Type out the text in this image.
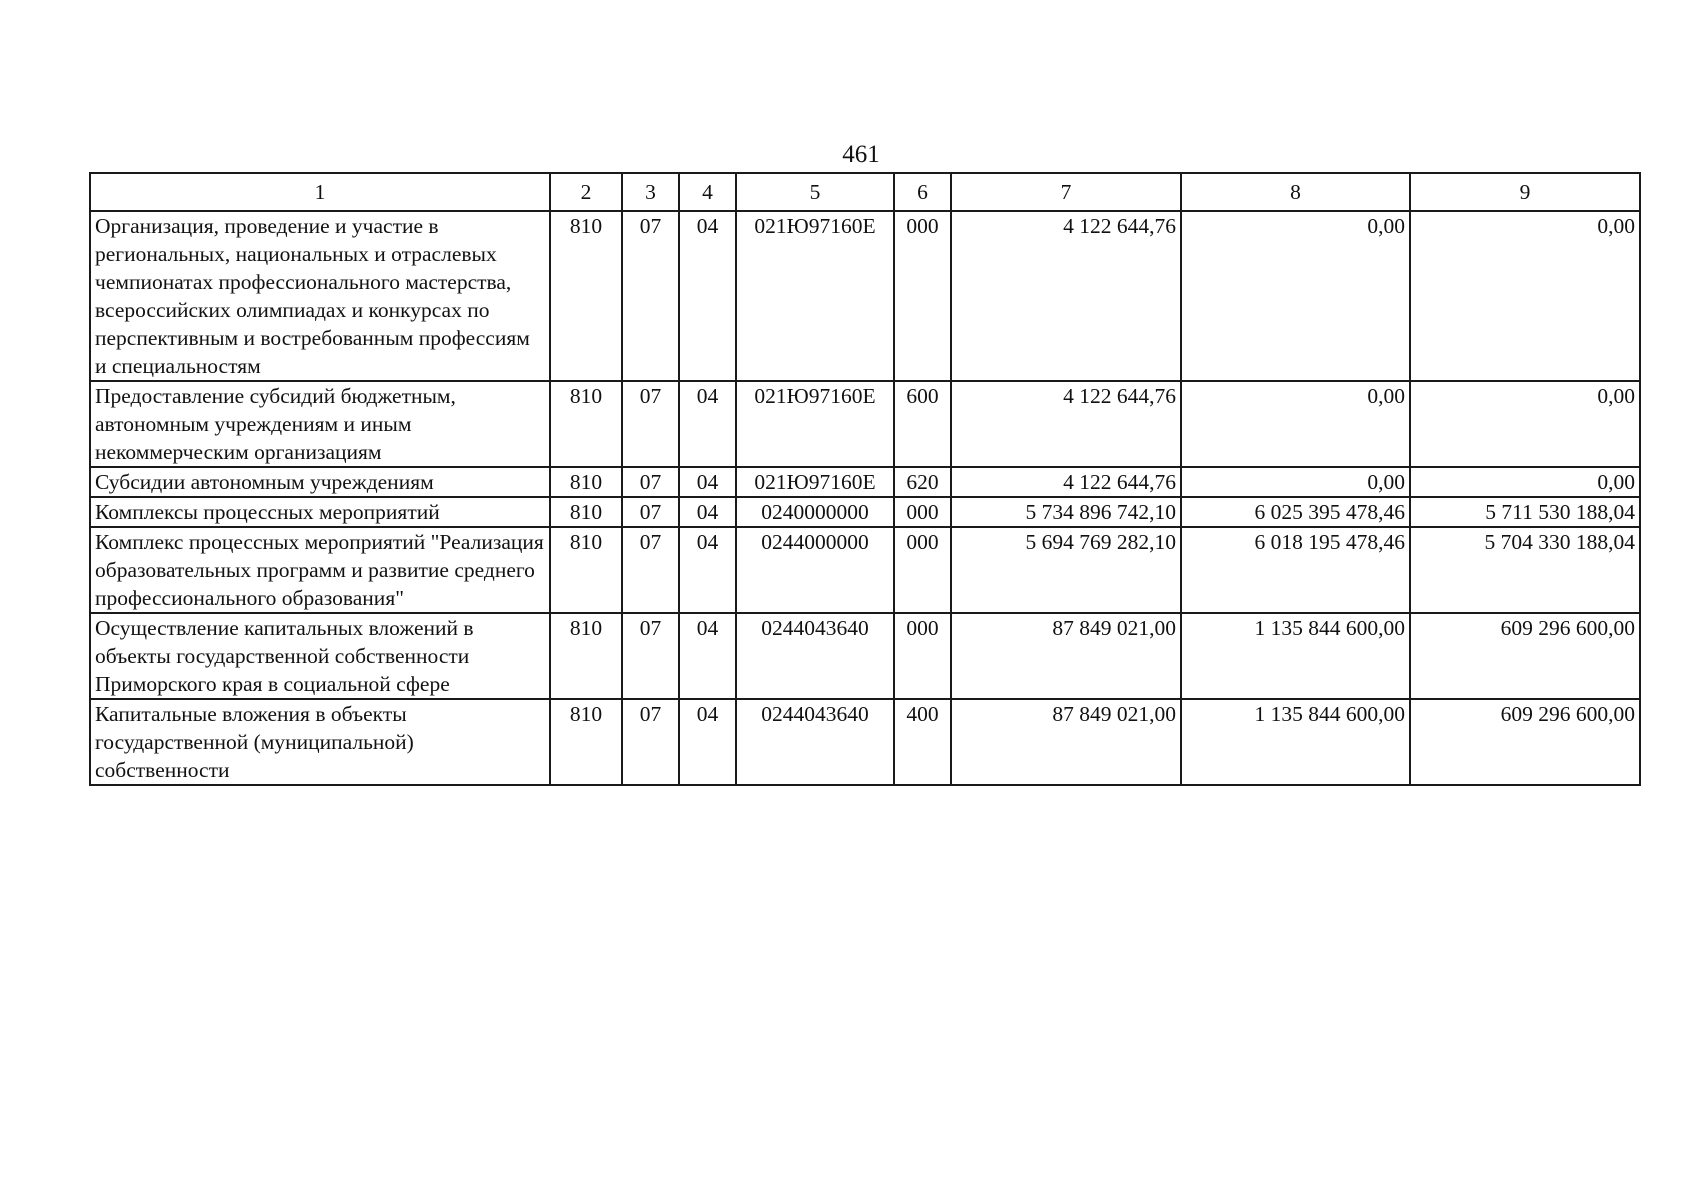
461
1	2	3	4	5	6	7	8	9
Организация, проведение и участие в региональных, национальных и отраслевых чемпионатах профессионального мастерства, всероссийских олимпиадах и конкурсах по перспективным и востребованным профессиям и специальностям	810	07	04	021Ю97160Е	000	4 122 644,76	0,00	0,00
Предоставление субсидий бюджетным, автономным учреждениям и иным некоммерческим организациям	810	07	04	021Ю97160Е	600	4 122 644,76	0,00	0,00
Субсидии автономным учреждениям	810	07	04	021Ю97160Е	620	4 122 644,76	0,00	0,00
Комплексы процессных мероприятий	810	07	04	0240000000	000	5 734 896 742,10	6 025 395 478,46	5 711 530 188,04
Комплекс процессных мероприятий "Реализация образовательных программ и развитие среднего профессионального образования"	810	07	04	0244000000	000	5 694 769 282,10	6 018 195 478,46	5 704 330 188,04
Осуществление капитальных вложений в объекты государственной собственности Приморского края в социальной сфере	810	07	04	0244043640	000	87 849 021,00	1 135 844 600,00	609 296 600,00
Капитальные вложения в объекты государственной (муниципальной) собственности	810	07	04	0244043640	400	87 849 021,00	1 135 844 600,00	609 296 600,00
